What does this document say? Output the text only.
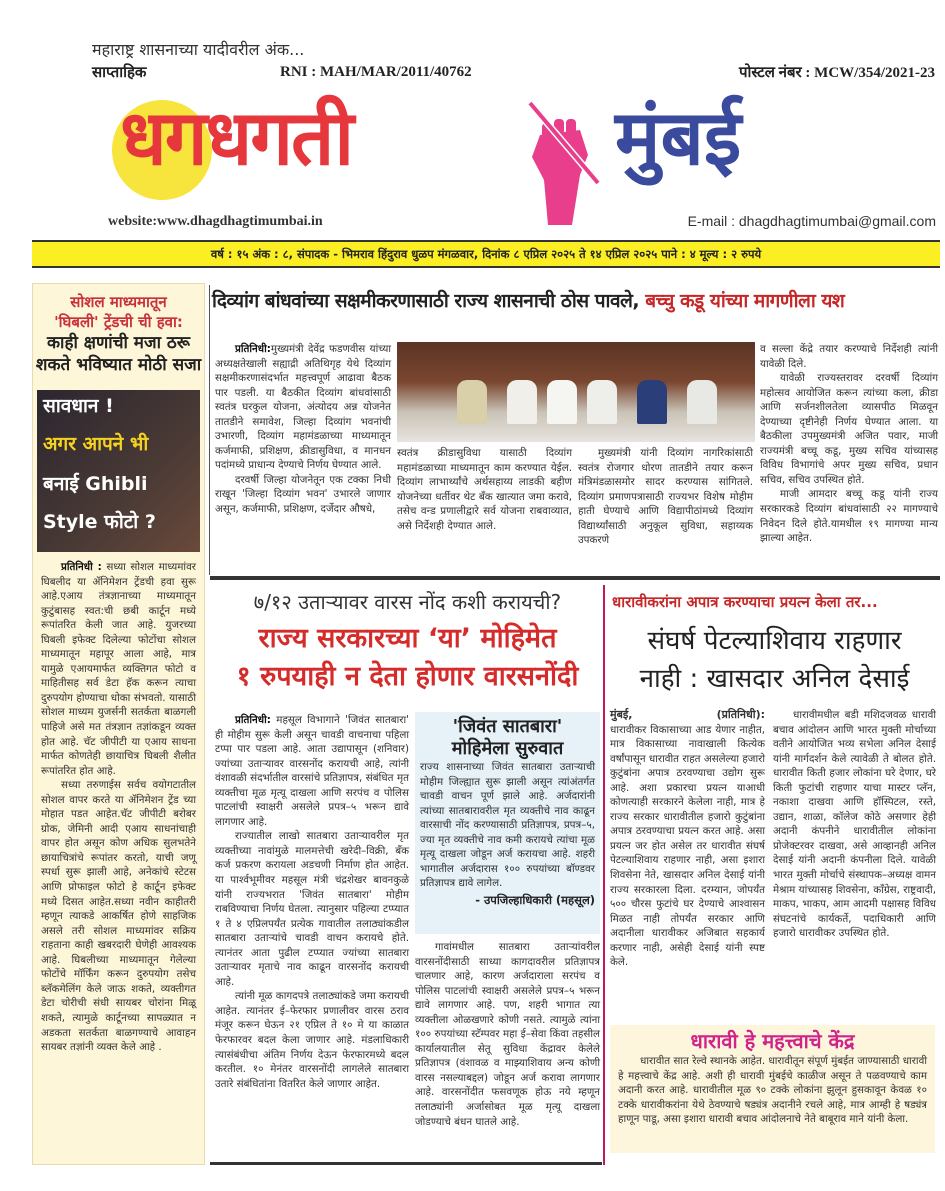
महाराष्ट्र शासनाच्या यादीवरील अंक...
साप्ताहिक	RNI : MAH/MAR/2011/40762	पोस्टल नंबर : MCW/354/2021-23
धगधगती	मुंबई
website:www.dhagdhagtimumbai.in	E-mail : dhagdhagtimumbai@gmail.com
वर्ष : १५ अंक : ८, संपादक - भिमराव हिंदुराव धुळप मंगळवार, दिनांक ८ एप्रिल २०२५ ते १४ एप्रिल २०२५ पाने : ४ मूल्य : २ रुपये
सोशल माध्यमातून
'घिबली' ट्रेंडची ची हवा:
काही क्षणांची मजा ठरू शकते भविष्यात मोठी सजा
सावधान !
अगर आपने भी
बनाई Ghibli
Style फोटो ?

प्रतिनिधी : सध्या सोशल माध्यमांवर घिबलीद या ॲनिमेशन ट्रेंडची हवा सुरू आहे.एआय तंत्रज्ञानाच्या माध्यमातून कुटुंबासह स्वत:ची छबी कार्टून मध्ये रूपांतरित केली जात आहे. युजरच्या घिबली इफेक्ट दिलेल्या फोटोंचा सोशल माध्यमातून महापूर आला आहे, मात्र यामुळे एआयमार्फत व्यक्तिगत फोटो व माहितीसह सर्व डेटा हॅक करून त्याचा दुरुपयोग होण्याचा धोका संभवतो. यासाठी सोशल माध्यम युजर्सनी सतर्कता बाळगली पाहिजे असे मत तंत्रज्ञान तज्ञांकडून व्यक्त होत आहे. चॅट जीपीटी या एआय साधना मार्फत कोणतेही छायाचित्र घिबली शैलीत रूपांतरित होत आहे.

सध्या तरुणाईस सर्वच वयोगटातील सोशल वापर करते या ॲनिमेशन ट्रेंड च्या मोहात पडत आहेत.चॅट जीपीटी बरोबर ग्रोक, जेमिनी आदी एआय साधनांचाही वापर होत असून कोण अधिक सुलभतेने छायाचित्रांचे रूपांतर करतो, याची जणू स्पर्धा सुरू झाली आहे, अनेकांचे स्टेटस आणि प्रोफाइल फोटो हे कार्टून इफेक्ट मध्ये दिसत आहेत.सध्या नवीन काहीतरी म्हणून त्याकडे आकर्षित होणे साहजिक असले तरी सोशल माध्यमांवर सक्रिय राहताना काही खबरदारी घेणेही आवश्यक आहे. घिबलीच्या माध्यमातून गेलेल्या फोटोंचे मॉर्फिंग करून दुरुपयोग तसेच ब्लॅकमेलिंग केले जाऊ शकते, व्यक्तीगत डेटा चोरीची संधी सायबर चोरांना मिळू शकते, त्यामुळे कार्टूनच्या सापळ्यात न अडकता सतर्कता बाळगण्याचे आवाहन सायबर तज्ञांनी व्यक्त केले आहे .

दिव्यांग बांधवांच्या सक्षमीकरणासाठी राज्य शासनाची ठोस पावले, बच्चु कडू यांच्या मागणीला यश

प्रतिनिधी:मुख्यमंत्री देवेंद्र फडणवीस यांच्या अध्यक्षतेखाली सह्याद्री अतिथिगृह येथे दिव्यांग सक्षमीकरणासंदर्भात महत्त्वपूर्ण आढावा बैठक पार पडली. या बैठकीत दिव्यांग बांधवांसाठी स्वतंत्र घरकुल योजना, अंत्योदय अन्न योजनेत तातडीने समावेश, जिल्हा दिव्यांग भवनांची उभारणी, दिव्यांग महामंडळाच्या माध्यमातून कर्जमाफी, प्रशिक्षण, क्रीडासुविधा, व मानधन पदांमध्ये प्राधान्य देण्याचे निर्णय घेण्यात आले.

दरवर्षी जिल्हा योजनेतून एक टक्का निधी राखून 'जिल्हा दिव्यांग भवन' उभारले जाणार असून, कर्जमाफी, प्रशिक्षण, दर्जेदार औषधे,

स्वतंत्र क्रीडासुविधा यासाठी दिव्यांग महामंडळाच्या माध्यमातून काम करण्यात येईल. दिव्यांग लाभार्थ्यांचे अर्थसहाय्य लाडकी बहीण योजनेच्या धर्तीवर थेट बँक खात्यात जमा करावे, तसेच वन्ड प्रणालीद्वारे सर्व योजना राबवाव्यात, असे निर्देशही देण्यात आले.
मुख्यमंत्री यांनी दिव्यांग नागरिकांसाठी स्वतंत्र रोजगार धोरण तातडीने तयार करून मंत्रिमंडळासमोर सादर करण्यास सांगितले. दिव्यांग प्रमाणपत्रासाठी राज्यभर विशेष मोहीम हाती घेण्याचे आणि विद्यापीठांमध्ये दिव्यांग विद्यार्थ्यांसाठी अनुकूल सुविधा, सहाय्यक उपकरणे

व सल्ला केंद्रे तयार करण्याचे निर्देशही त्यांनी यावेळी दिले.

यावेळी राज्यस्तरावर दरवर्षी दिव्यांग महोत्सव आयोजित करून त्यांच्या कला, क्रीडा आणि सर्जनशीलतेला व्यासपीठ मिळवून देण्याच्या दृष्टीनेही निर्णय घेण्यात आला. या बैठकीला उपमुख्यमंत्री अजित पवार, माजी राज्यमंत्री बच्चू कडू, मुख्य सचिव यांच्यासह विविध विभागांचे अपर मुख्य सचिव, प्रधान सचिव, सचिव उपस्थित होते.

माजी आमदार बच्चू कडू यांनी राज्य सरकारकडे दिव्यांग बांधवांसाठी २२ मागण्याचे निवेदन दिले होते.यामधील १९ मागण्या मान्य झाल्या आहेत.

७/१२ उताऱ्यावर वारस नोंद कशी करायची?
राज्य सरकारच्या ‘या’ मोहिमेत
१ रुपयाही न देता होणार वारसनोंदी

प्रतिनिधी: महसूल विभागाने 'जिवंत सातबारा' ही मोहीम सुरू केली असून चावडी वाचनाचा पहिला टप्पा पार पडला आहे. आता उद्यापासून (शनिवार) ज्यांच्या उताऱ्यावर वारसनोंद करायची आहे, त्यांनी वंशावळी संदर्भातील वारसांचे प्रतिज्ञापत्र, संबंधित मृत व्यक्तीचा मूळ मृत्यू दाखला आणि सरपंच व पोलिस पाटलांची स्वाक्षरी असलेले प्रपत्र–५ भरून द्यावे लागणार आहे.

राज्यातील लाखो सातबारा उताऱ्यावरील मृत व्यक्तीच्या नावांमुळे मालमत्तेची खरेदी–विक्री, बँक कर्ज प्रकरण करायला अडचणी निर्माण होत आहेत. या पार्श्वभूमीवर महसूल मंत्री चंद्रशेखर बावनकुळे यांनी राज्यभरात 'जिवंत सातबारा' मोहीम राबविण्याचा निर्णय घेतला. त्यानुसार पहिल्या टप्प्यात १ ते ४ एप्रिलपर्यंत प्रत्येक गावातील तलाठ्यांकडील सातबारा उताऱ्यांचे चावडी वाचन करायचे होते. त्यानंतर आता पुढील टप्प्यात ज्यांच्या सातबारा उताऱ्यावर मृताचे नाव काढून वारसनोंद करायची आहे.

त्यांनी मूळ कागदपत्रे तलाठ्यांकडे जमा करायची आहेत. त्यानंतर ई–फेरफार प्रणालीवर वारस ठराव मंजूर करून घेऊन २१ एप्रिल ते १० मे या काळात फेरफारवर बदल केला जाणार आहे. मंडलाधिकारी त्यासंबंधीचा अंतिम निर्णय देऊन फेरफारमध्ये बदल करतील. १० मेनंतर वारसनोंदी लागलेले सातबारा उतारे संबंधितांना वितरित केले जाणार आहेत.

'जिवंत सातबारा'
मोहिमेला सुरुवात
राज्य शासनाच्या जिवंत सातबारा उताऱ्याची मोहीम जिल्ह्यात सुरू झाली असून त्यांअंतर्गत चावडी वाचन पूर्ण झाले आहे. अर्जदारांनी त्यांच्या सातबारावरील मृत व्यक्तीचे नाव काढून वारसाची नोंद करण्यासाठी प्रतिज्ञापत्र, प्रपत्र–५, ज्या मृत व्यक्तीचे नाव कमी करायचे त्यांचा मूळ मृत्यू दाखला जोडून अर्ज करायचा आहे. शहरी भागातील अर्जदारास १०० रुपयांच्या बॉण्डवर प्रतिज्ञापत्र द्यावे लागेल.
- उपजिल्हाधिकारी (महसूल)
गावांमधील सातबारा उताऱ्यांवरील वारसनोंदीसाठी साध्या कागदावरील प्रतिज्ञापत्र चालणार आहे, कारण अर्जदाराला सरपंच व पोलिस पाटलांची स्वाक्षरी असलेले प्रपत्र–५ भरून द्यावे लागणार आहे. पण, शहरी भागात त्या व्यक्तीला ओळखणारे कोणी नसते. त्यामुळे त्यांना १०० रुपयांच्या स्टॅम्पवर महा ई–सेवा किंवा तहसील कार्यालयातील सेतू सुविधा केंद्रावर केलेले प्रतिज्ञापत्र (वंशावळ व माझ्याशिवाय अन्य कोणी वारस नसल्याबद्दल) जोडून अर्ज करावा लागणार आहे. वारसनोंदीत फसवणूक होऊ नये म्हणून तलाठ्यांनी अर्जासोबत मूळ मृत्यू दाखला जोडण्याचे बंधन घातले आहे.
धारावीकरांना अपात्र करण्याचा प्रयत्न केला तर...
संघर्ष पेटल्याशिवाय राहणार
नाही : खासदार अनिल देसाई
मुंबई,	(प्रतिनिधी):
धारावीकर विकासाच्या आड येणार नाहीत, मात्र विकासाच्या नावाखाली कित्येक वर्षांपासून धारावीत राहत असलेल्या हजारो कुटुंबांना अपात्र ठरवण्याचा उद्योग सुरू आहे. अशा प्रकारचा प्रयत्न याआधी कोणत्याही सरकारने केलेला नाही, मात्र हे राज्य सरकार धारावीतील हजारो कुटुंबांना अपात्र ठरवण्याचा प्रयत्न करत आहे. असा प्रयत्न जर होत असेल तर धारावीत संघर्ष पेटल्याशिवाय राहणार नाही, असा इशारा शिवसेना नेते, खासदार अनिल देसाई यांनी राज्य सरकारला दिला. दरम्यान, जोपर्यंत ५०० चौरस फुटांचे घर देण्याचे आश्वासन मिळत नाही तोपर्यंत सरकार आणि अदानीला धारावीकर अजिबात सहकार्य करणार नाही, असेही देसाई यांनी स्पष्ट केले.
धारावीमधील बडी मशिदजवळ धारावी बचाव आंदोलन आणि भारत मुक्ती मोर्चाच्या वतीने आयोजित भव्य सभेला अनिल देसाई यांनी मार्गदर्शन केले त्यावेळी ते बोलत होते. धारावीत किती हजार लोकांना घरे देणार, घरे किती फुटांची राहणार याचा मास्टर प्लॅन, नकाशा दाखवा आणि हॉस्पिटल, रस्ते, उद्यान, शाळा, कॉलेज कोठे असणार हेही अदानी कंपनीने धारावीतील लोकांना प्रोजेक्टरवर दाखवा, असे आव्हानही अनिल देसाई यांनी अदानी कंपनीला दिले. यावेळी भारत मुक्ती मोर्चाचे संस्थापक–अध्यक्ष वामन मेश्राम यांच्यासह शिवसेना, काँग्रेस, राष्ट्रवादी, माकप, भाकप, आम आदमी पक्षासह विविध संघटनांचे कार्यकर्ते, पदाधिकारी आणि हजारो धारावीकर उपस्थित होते.
धारावी हे महत्त्वाचे केंद्र
धारावीत सात रेल्वे स्थानके आहेत. धारावीतून संपूर्ण मुंबईत जाण्यासाठी धारावी हे महत्त्वाचे केंद्र आहे. अशी ही धारावी मुंबईचे काळीज असून ते पळवण्याचे काम अदानी करत आहे. धारावीतील मूळ ९० टक्के लोकांना झुलून हुसकावून केवळ १० टक्के धारावीकरांना येथे ठेवण्याचे षड्यंत्र अदानीने रचले आहे, मात्र आम्ही हे षड्यंत्र हाणून पाडू, असा इशारा धारावी बचाव आंदोलनाचे नेते बाबूराव माने यांनी केला.
